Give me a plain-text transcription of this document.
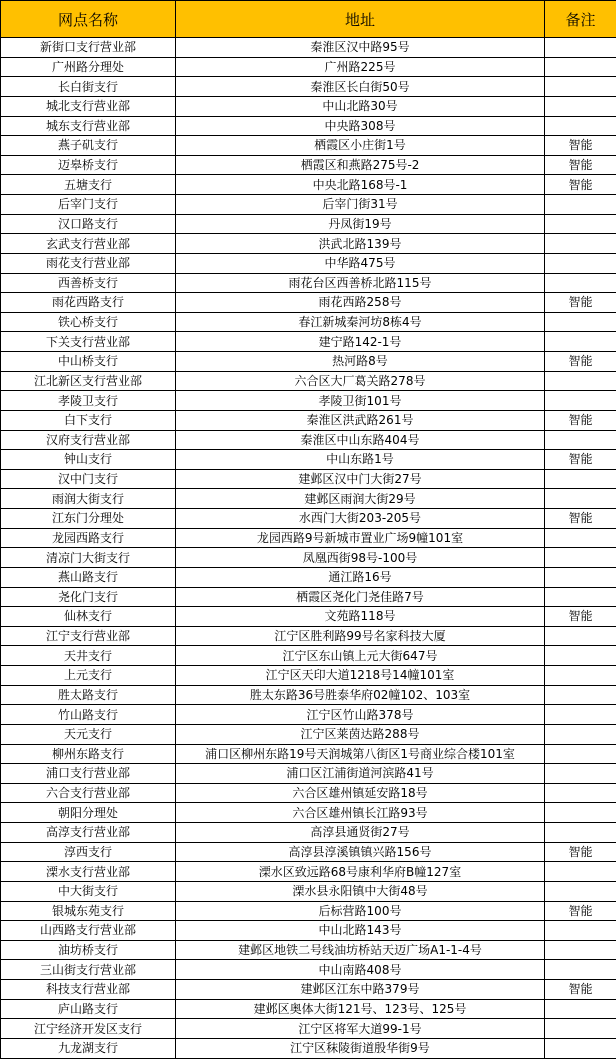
网点名称	地址	备注
新街口支行营业部	秦淮区汉中路95号	
广州路分理处	广州路225号	
长白街支行	秦淮区长白街50号	
城北支行营业部	中山北路30号	
城东支行营业部	中央路308号	
燕子矶支行	栖霞区小庄街1号	智能
迈皋桥支行	栖霞区和燕路275号-2	智能
五塘支行	中央北路168号-1	智能
后宰门支行	后宰门街31号	
汉口路支行	丹凤街19号	
玄武支行营业部	洪武北路139号	
雨花支行营业部	中华路475号	
西善桥支行	雨花台区西善桥北路115号	
雨花西路支行	雨花西路258号	智能
铁心桥支行	春江新城秦河坊8栋4号	
下关支行营业部	建宁路142-1号	
中山桥支行	热河路8号	智能
江北新区支行营业部	六合区大厂葛关路278号	
孝陵卫支行	孝陵卫街101号	
白下支行	秦淮区洪武路261号	智能
汉府支行营业部	秦淮区中山东路404号	
钟山支行	中山东路1号	智能
汉中门支行	建邺区汉中门大街27号	
雨润大街支行	建邺区雨润大街29号	
江东门分理处	水西门大街203-205号	智能
龙园西路支行	龙园西路9号新城市置业广场9幢101室	
清凉门大街支行	凤凰西街98号-100号	
燕山路支行	通江路16号	
尧化门支行	栖霞区尧化门尧佳路7号	
仙林支行	文苑路118号	智能
江宁支行营业部	江宁区胜利路99号名家科技大厦	
天井支行	江宁区东山镇上元大街647号	
上元支行	江宁区天印大道1218号14幢101室	
胜太路支行	胜太东路36号胜泰华府02幢102、103室	
竹山路支行	江宁区竹山路378号	
天元支行	江宁区莱茵达路288号	
柳州东路支行	浦口区柳州东路19号天润城第八街区1号商业综合楼101室	
浦口支行营业部	浦口区江浦街道河滨路41号	
六合支行营业部	六合区雄州镇延安路18号	
朝阳分理处	六合区雄州镇长江路93号	
高淳支行营业部	高淳县通贤街27号	
淳西支行	高淳县淳溪镇镇兴路156号	智能
溧水支行营业部	溧水区致远路68号康利华府B幢127室	
中大街支行	溧水县永阳镇中大街48号	
银城东苑支行	后标营路100号	智能
山西路支行营业部	中山北路143号	
油坊桥支行	建邺区地铁二号线油坊桥站天迈广场A1-1-4号	
三山街支行营业部	中山南路408号	
科技支行营业部	建邺区江东中路379号	智能
庐山路支行	建邺区奥体大街121号、123号、125号	
江宁经济开发区支行	江宁区将军大道99-1号	
九龙湖支行	江宁区秣陵街道殷华街9号	
